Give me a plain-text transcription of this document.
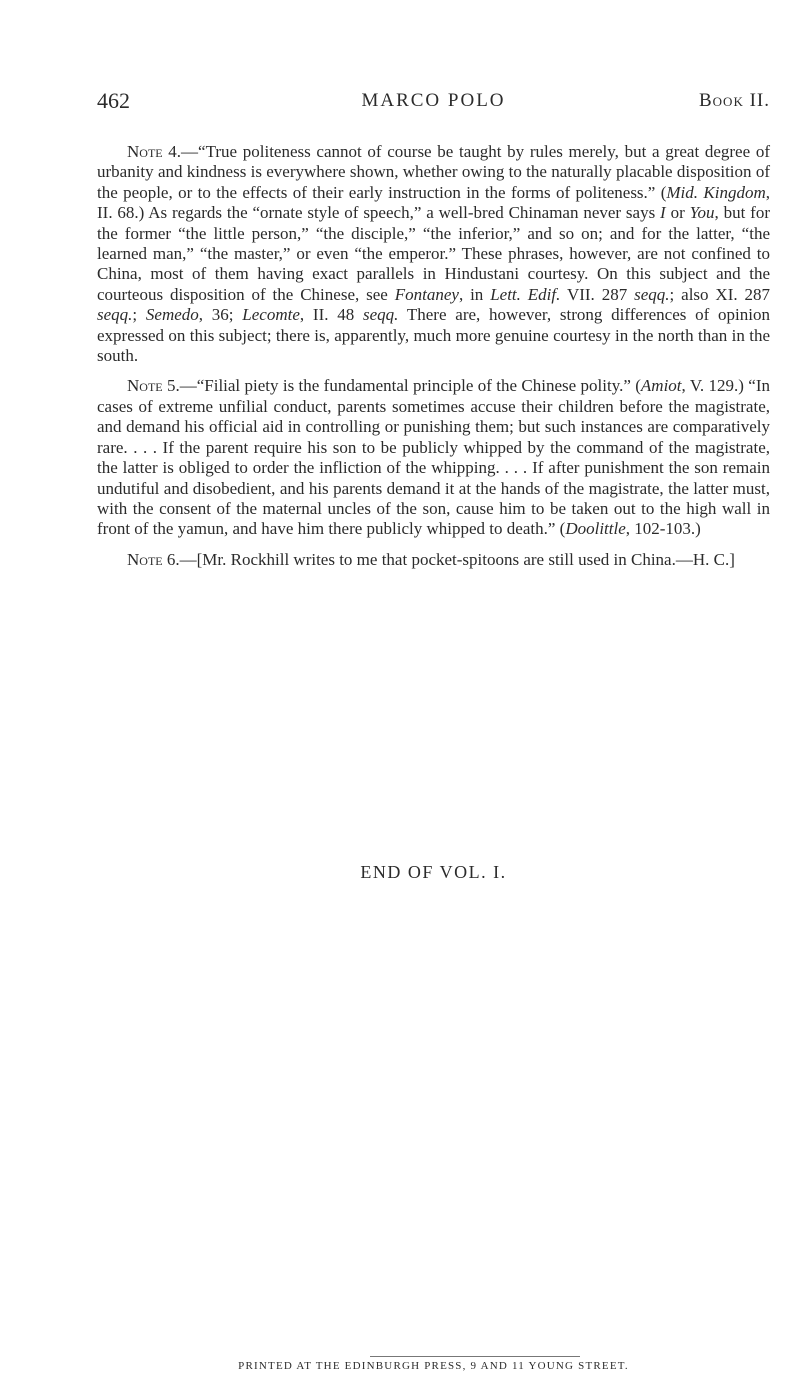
462	MARCO POLO	Book II.

Note 4.—“True politeness cannot of course be taught by rules merely, but a great degree of urbanity and kindness is everywhere shown, whether owing to the naturally placable disposition of the people, or to the effects of their early instruction in the forms of politeness.” (Mid. Kingdom, II. 68.) As regards the “ornate style of speech,” a well-bred Chinaman never says I or You, but for the former “the little person,” “the disciple,” “the inferior,” and so on; and for the latter, “the learned man,” “the master,” or even “the emperor.” These phrases, however, are not confined to China, most of them having exact parallels in Hindustani courtesy. On this subject and the courteous disposition of the Chinese, see Fontaney, in Lett. Edif. VII. 287 seqq.; also XI. 287 seqq.; Semedo, 36; Lecomte, II. 48 seqq. There are, however, strong differences of opinion expressed on this subject; there is, apparently, much more genuine courtesy in the north than in the south.

Note 5.—“Filial piety is the fundamental principle of the Chinese polity.” (Amiot, V. 129.) “In cases of extreme unfilial conduct, parents sometimes accuse their children before the magistrate, and demand his official aid in controlling or punishing them; but such instances are comparatively rare. . . . If the parent require his son to be publicly whipped by the command of the magistrate, the latter is obliged to order the infliction of the whipping. . . . If after punishment the son remain undutiful and disobedient, and his parents demand it at the hands of the magistrate, the latter must, with the consent of the maternal uncles of the son, cause him to be taken out to the high wall in front of the yamun, and have him there publicly whipped to death.” (Doolittle, 102-103.)

Note 6.—[Mr. Rockhill writes to me that pocket-spitoons are still used in China.—H. C.]

END OF VOL. I.
PRINTED AT THE EDINBURGH PRESS, 9 AND 11 YOUNG STREET.
